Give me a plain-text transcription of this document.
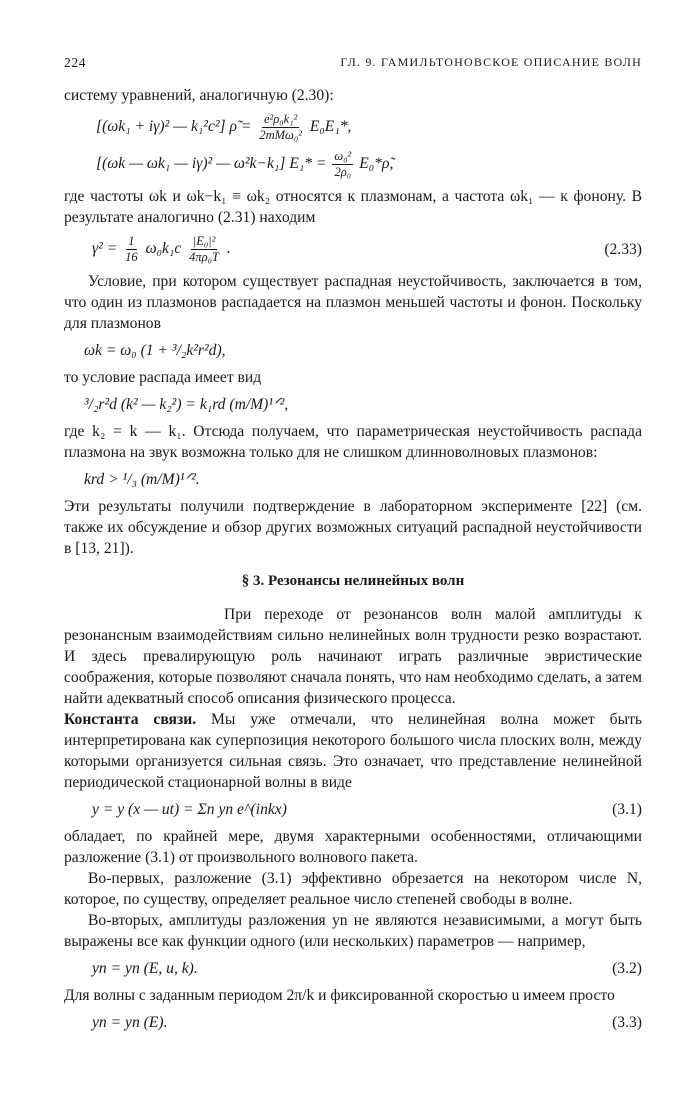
224	ГЛ. 9. ГАМИЛЬТОНОВСКОЕ ОПИСАНИЕ ВОЛН

систему уравнений, аналогичную (2.30):

[(ωk₁ + iγ)² — k₁²c²] ρ̃ = $\frac{\text{e²ρ₀k₁²}}{\text{2mMω₀²}} E_0E_1*$,
[(ωk — ωk₁ — iγ)² — ω²k−k₁] $E_1* = \frac{\text{ω₀²}}{\text{2ρ₀}}$ E₀*ρ̃,

где частоты ωk и ωk−k₁ ≡ ωk₂ относятся к плазмонам, а частота ωk₁ — к фонону. В результате аналогично (2.31) находим

$\gamma^2 = \frac{1}{16} \omega_0k_1c \frac{\text{|E₀|²}}{\text{4πρ₀T}}$ .	(2.33)

Условие, при котором существует распадная неустойчивость, заключается в том, что один из плазмонов распадается на плазмон меньшей частоты и фонон. Поскольку для плазмонов

ωk = ω₀ (1 + ³/₂k²r²d),

то условие распада имеет вид

³/₂r²d (k² — k₂²) = k₁rd (m/M)¹ᐟ²,

где k₂ = k — k₁. Отсюда получаем, что параметрическая неустойчивость распада плазмона на звук возможна только для не слишком длинноволновых плазмонов:

krd > ¹/₃ (m/M)¹ᐟ².

Эти результаты получили подтверждение в лабораторном эксперименте [22] (см. также их обсуждение и обзор других возможных ситуаций распадной неустойчивости в [13, 21]).

§ 3. Резонансы нелинейных волн

При переходе от резонансов волн малой амплитуды к резонансным взаимодействиям сильно нелинейных волн трудности резко возрастают. И здесь превалирующую роль начинают играть различные эвристические соображения, которые позволяют сначала понять, что нам необходимо сделать, а затем найти адекватный способ описания физического процесса.

Константа связи. Мы уже отмечали, что нелинейная волна может быть интерпретирована как суперпозиция некоторого большого числа плоских волн, между которыми организуется сильная связь. Это означает, что представление нелинейной периодической стационарной волны в виде

y = y (x — ut) = Σn yn e^(inkx)	(3.1)

обладает, по крайней мере, двумя характерными особенностями, отличающими разложение (3.1) от произвольного волнового пакета.

Во-первых, разложение (3.1) эффективно обрезается на некотором числе N, которое, по существу, определяет реальное число степеней свободы в волне.

Во-вторых, амплитуды разложения yn не являются независимыми, а могут быть выражены все как функции одного (или нескольких) параметров — например,

yn = yn (E, u, k).	(3.2)

Для волны с заданным периодом 2π/k и фиксированной скоростью u имеем просто

yn = yn (E).	(3.3)
